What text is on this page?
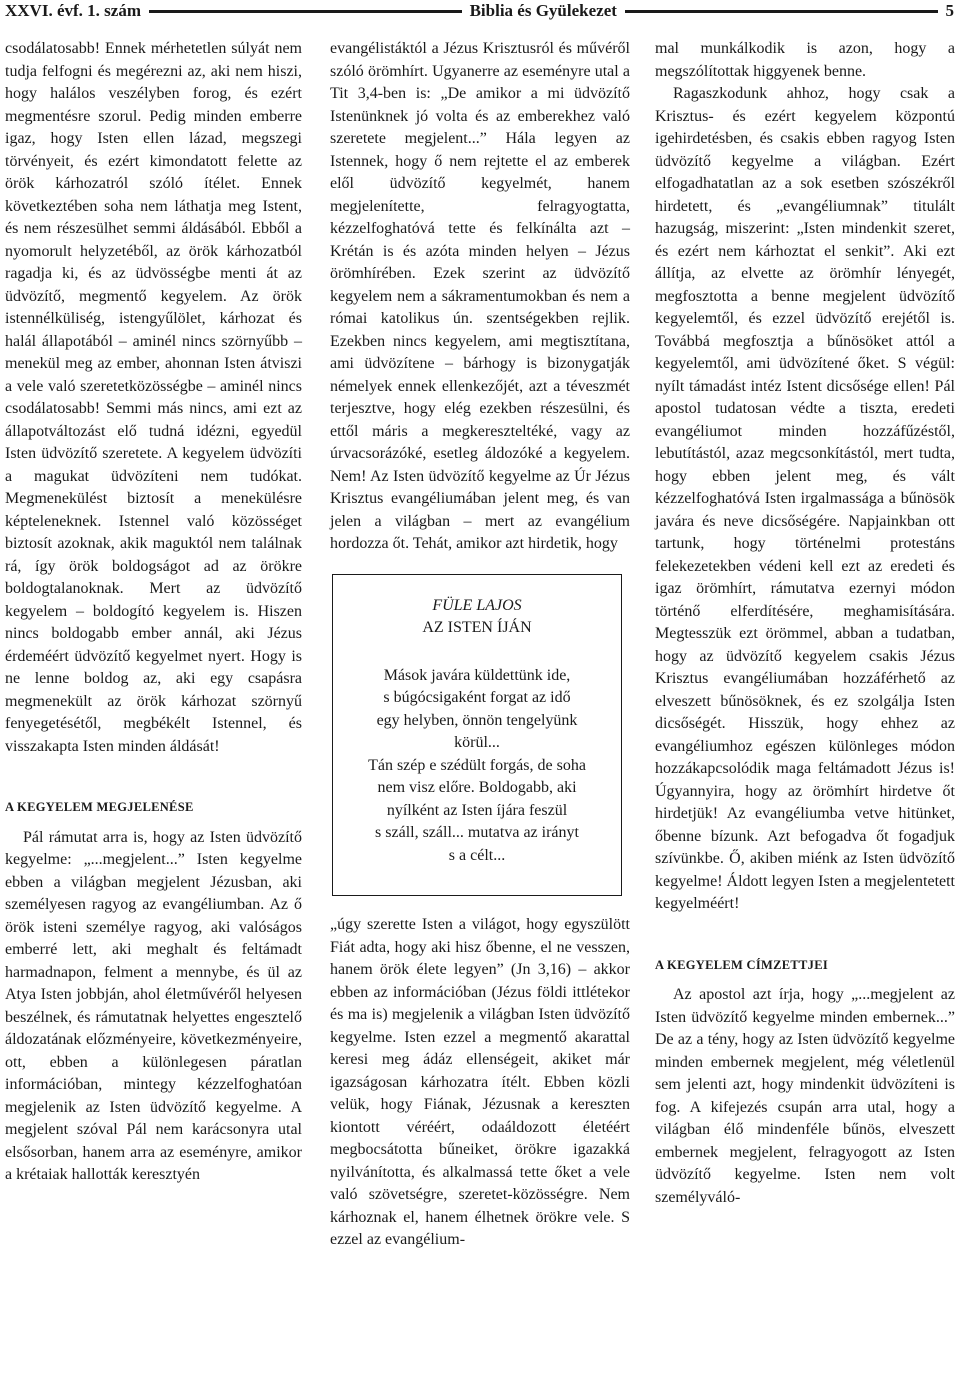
XXVI. évf. 1. szám	Biblia és Gyülekezet	5

csodálatosabb! Ennek mérhetetlen súlyát nem tudja felfogni és megérezni az, aki nem hiszi, hogy halálos veszélyben forog, és ezért megmentésre szorul. Pedig minden emberre igaz, hogy Isten ellen lázad, megszegi törvényeit, és ezért kimondatott felette az örök kárhozatról szóló ítélet. Ennek következtében soha nem láthatja meg Istent, és nem részesülhet semmi áldásából. Ebből a nyomorult helyzetéből, az örök kárhozatból ragadja ki, és az üdvösségbe menti át az üdvözítő, megmentő kegyelem. Az örök istennélküliség, istengyűlölet, kárhozat és halál állapotából – aminél nincs szörnyűbb – menekül meg az ember, ahonnan Isten átviszi a vele való szeretetközösségbe – aminél nincs csodálatosabb! Semmi más nincs, ami ezt az állapotváltozást elő tudná idézni, egyedül Isten üdvözítő szeretete. A kegyelem üdvözíti a magukat üdvözíteni nem tudókat. Megmenekülést biztosít a menekülésre képteleneknek. Istennel való közösséget biztosít azoknak, akik maguktól nem találnak rá, így örök boldogságot ad az örökre boldogtalanoknak. Mert az üdvözítő kegyelem – boldogító kegyelem is. Hiszen nincs boldogabb ember annál, aki Jézus érdeméért üdvözítő kegyelmet nyert. Hogy is ne lenne boldog az, aki egy csapásra megmenekült az örök kárhozat szörnyű fenyegetésétől, megbékélt Istennel, és visszakapta Isten minden áldását!

A KEGYELEM MEGJELENÉSE

Pál rámutat arra is, hogy az Isten üdvözítő kegyelme: „...megjelent...” Isten kegyelme ebben a világban megjelent Jézusban, aki személyesen ragyog az evangéliumban. Az ő örök isteni személye ragyog, aki valóságos emberré lett, aki meghalt és feltámadt harmadnapon, felment a mennybe, és ül az Atya Isten jobbján, ahol életművéről helyesen beszélnek, és rámutatnak helyettes engesztelő áldozatának előzményeire, következményeire, ott, ebben a különlegesen páratlan információban, mintegy kézzelfoghatóan megjelenik az Isten üdvözítő kegyelme. A megjelent szóval Pál nem karácsonyra utal elsősorban, hanem arra az eseményre, amikor a krétaiak hallották keresztyén

evangélistáktól a Jézus Krisztusról és művéről szóló örömhírt. Ugyanerre az eseményre utal a Tit 3,4-ben is: „De amikor a mi üdvözítő Istenünknek jó volta és az emberekhez való szeretete megjelent...” Hála legyen az Istennek, hogy ő nem rejtette el az emberek elől üdvözítő kegyelmét, hanem megjelenítette, felragyogtatta, kézzelfoghatóvá tette és felkínálta azt – Krétán is és azóta minden helyen – Jézus örömhírében. Ezek szerint az üdvözítő kegyelem nem a sákramentumokban és nem a római katolikus ún. szentségekben rejlik. Ezekben nincs kegyelem, ami megtisztítana, ami üdvözítene – bárhogy is bizonygatják némelyek ennek ellenkezőjét, azt a téveszmét terjesztve, hogy elég ezekben részesülni, és ettől máris a megkereszteltéké, vagy az úrvacsorázóké, esetleg áldozóké a kegyelem. Nem! Az Isten üdvözítő kegyelme az Úr Jézus Krisztus evangéliumában jelent meg, és van jelen a világban – mert az evangélium hordozza őt. Tehát, amikor azt hirdetik, hogy

FÜLE LAJOS

AZ ISTEN ÍJÁN

Mások javára küldettünk ide,

s búgócsigaként forgat az idő

egy helyben, önnön tengelyünk

körül...

Tán szép e szédült forgás, de soha

nem visz előre. Boldogabb, aki

nyílként az Isten íjára feszül

s száll, száll... mutatva az irányt

s a célt...

„úgy szerette Isten a világot, hogy egyszülött Fiát adta, hogy aki hisz őbenne, el ne vesszen, hanem örök élete legyen” (Jn 3,16) – akkor ebben az információban (Jézus földi ittlétekor és ma is) megjelenik a világban Isten üdvözítő kegyelme. Isten ezzel a megmentő akarattal keresi meg ádáz ellenségeit, akiket már igazságosan kárhozatra ítélt. Ebben közli velük, hogy Fiának, Jézusnak a kereszten kiontott véréért, odaáldozott életéért megbocsátotta bűneiket, örökre igazakká nyilvánította, és alkalmassá tette őket a vele való szövetségre, szeretet-közösségre. Nem kárhoznak el, hanem élhetnek örökre vele. S ezzel az evangélium-

mal munkálkodik is azon, hogy a megszólítottak higgyenek benne.

Ragaszkodunk ahhoz, hogy csak a Krisztus- és ezért kegyelem központú igehirdetésben, és csakis ebben ragyog Isten üdvözítő kegyelme a világban. Ezért elfogadhatatlan az a sok esetben szószékről hirdetett, és „evangéliumnak” titulált hazugság, miszerint: „Isten mindenkit szeret, és ezért nem kárhoztat el senkit”. Aki ezt állítja, az elvette az örömhír lényegét, megfosztotta a benne megjelent üdvözítő kegyelemtől, és ezzel üdvözítő erejétől is. Továbbá megfosztja a bűnösöket attól a kegyelemtől, ami üdvözítené őket. S végül: nyílt támadást intéz Istent dicsősége ellen! Pál apostol tudatosan védte a tiszta, eredeti evangéliumot minden hozzáfűzéstől, lebutítástól, azaz megcsonkítástól, mert tudta, hogy ebben jelent meg, és vált kézzelfoghatóvá Isten irgalmassága a bűnösök javára és neve dicsőségére. Napjainkban ott tartunk, hogy történelmi protestáns felekezetekben védeni kell ezt az eredeti és igaz örömhírt, rámutatva ezernyi módon történő elferdítésére, meghamisítására. Megtesszük ezt örömmel, abban a tudatban, hogy az üdvözítő kegyelem csakis Jézus Krisztus evangéliumában hozzáférhető az elveszett bűnösöknek, és ez szolgálja Isten dicsőségét. Hisszük, hogy ehhez az evangéliumhoz egészen különleges módon hozzákapcsolódik maga feltámadott Jézus is! Úgyannyira, hogy az örömhírt hirdetve őt hirdetjük! Az evangéliumba vetve hitünket, őbenne bízunk. Azt befogadva őt fogadjuk szívünkbe. Ő, akiben miénk az Isten üdvözítő kegyelme! Áldott legyen Isten a megjelentetett kegyelméért!

A KEGYELEM CÍMZETTJEI

Az apostol azt írja, hogy „...megjelent az Isten üdvözítő kegyelme minden embernek...” De az a tény, hogy az Isten üdvözítő kegyelme minden embernek megjelent, még véletlenül sem jelenti azt, hogy mindenkit üdvözíteni is fog. A kifejezés csupán arra utal, hogy a világban élő mindenféle bűnös, elveszett embernek megjelent, felragyogott az Isten üdvözítő kegyelme. Isten nem volt személyváló-
